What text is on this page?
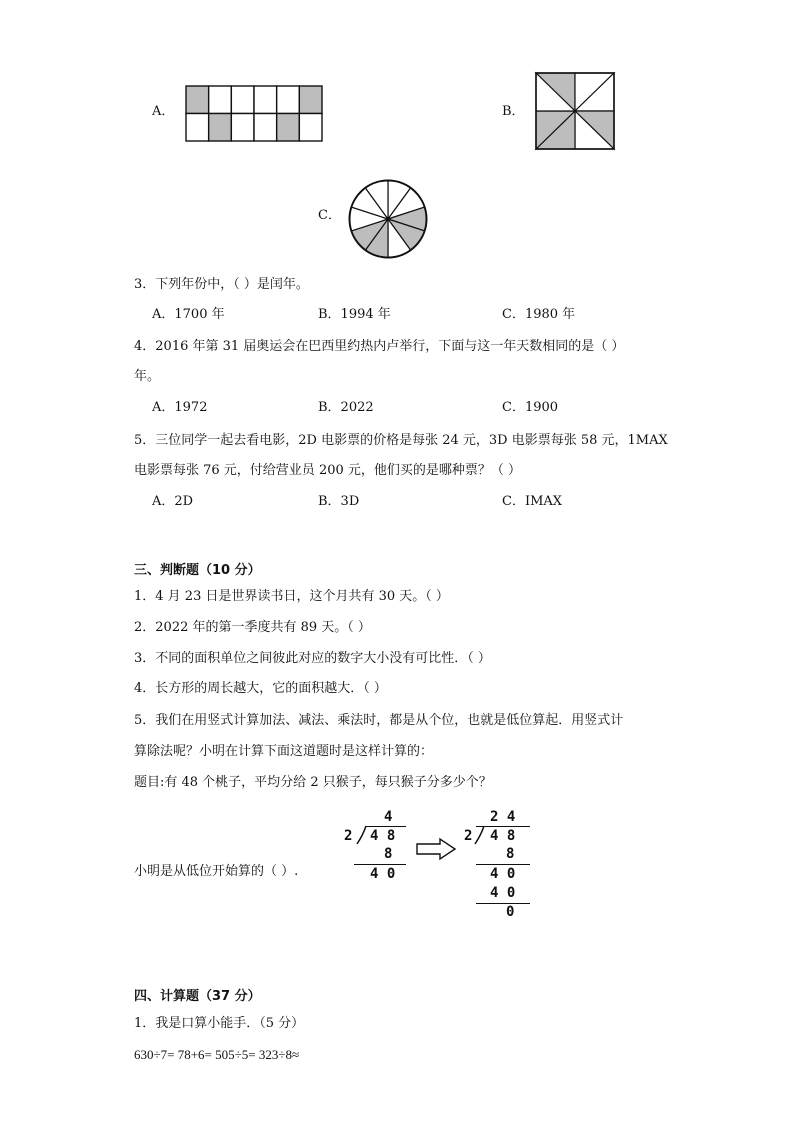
A．	B．
C．
3．下列年份中，（ ）是闰年。
A．1700 年	B．1994 年	C．1980 年
4．2016 年第 31 届奥运会在巴西里约热内卢举行，下面与这一年天数相同的是（ ）
年。
A．1972	B．2022	C．1900
5．三位同学一起去看电影，2D 电影票的价格是每张 24 元，3D 电影票每张 58 元，1MAX
电影票每张 76 元，付给营业员 200 元，他们买的是哪种票？（ ）
A．2D	B．3D	C．IMAX
三、判断题（10 分）
1．4 月 23 日是世界读书日，这个月共有 30 天。（ ）
2．2022 年的第一季度共有 89 天。（ ）
3．不同的面积单位之间彼此对应的数字大小没有可比性．（ ）
4．长方形的周长越大，它的面积越大．（ ）
5．我们在用竖式计算加法、减法、乘法时，都是从个位，也就是低位算起．用竖式计
算除法呢？小明在计算下面这道题时是这样计算的：
题目:有 48 个桃子，平均分给 2 只猴子，每只猴子分多少个？
4
2 4 8
8
4 0
小明是从低位开始算的（ ）.
2 4
2 4 8
8
4 0
4 0
0
四、计算题（37 分）
1．我是口算小能手．（5 分）
630÷7= 78+6= 505÷5= 323÷8≈
